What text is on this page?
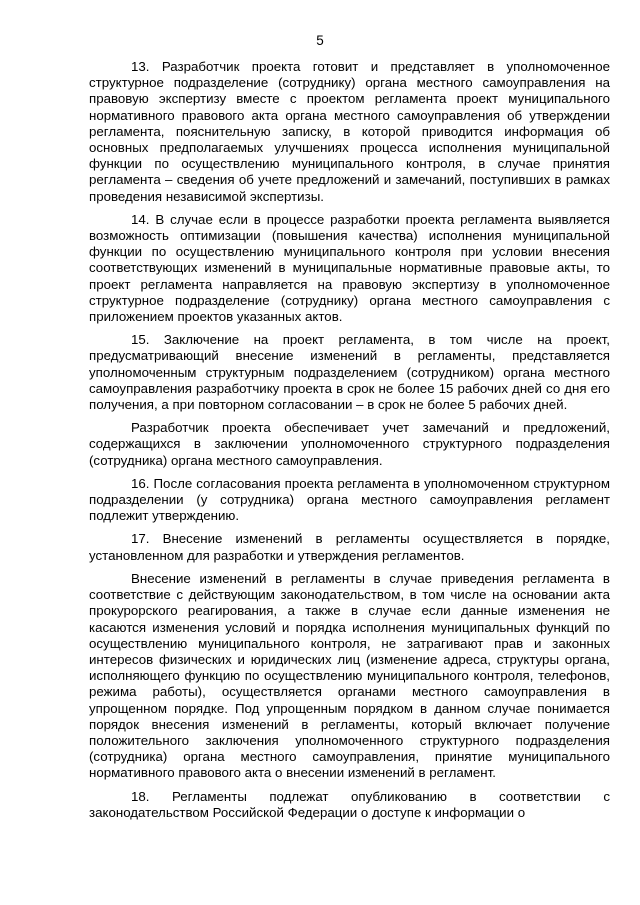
5

13. Разработчик проекта готовит и представляет в уполномоченное структурное подразделение (сотруднику) органа местного самоуправления на правовую экспертизу вместе с проектом регламента проект муниципального нормативного правового акта органа местного самоуправления об утверждении регламента, пояснительную записку, в которой приводится информация об основных предполагаемых улучшениях процесса исполнения муниципальной функции по осуществлению муниципального контроля, в случае принятия регламента – сведения об учете предложений и замечаний, поступивших в рамках проведения независимой экспертизы.

14. В случае если в процессе разработки проекта регламента выявляется возможность оптимизации (повышения качества) исполнения муниципальной функции по осуществлению муниципального контроля при условии внесения соответствующих изменений в муниципальные нормативные правовые акты, то проект регламента направляется на правовую экспертизу в уполномоченное структурное подразделение (сотруднику) органа местного самоуправления с приложением проектов указанных актов.

15. Заключение на проект регламента, в том числе на проект, предусматривающий внесение изменений в регламенты, представляется уполномоченным структурным подразделением (сотрудником) органа местного самоуправления разработчику проекта в срок не более 15 рабочих дней со дня его получения, а при повторном согласовании – в срок не более 5 рабочих дней.

Разработчик проекта обеспечивает учет замечаний и предложений, содержащихся в заключении уполномоченного структурного подразделения (сотрудника) органа местного самоуправления.

16. После согласования проекта регламента в уполномоченном структурном подразделении (у сотрудника) органа местного самоуправления регламент подлежит утверждению.

17. Внесение изменений в регламенты осуществляется в порядке, установленном для разработки и утверждения регламентов.

Внесение изменений в регламенты в случае приведения регламента в соответствие с действующим законодательством, в том числе на основании акта прокурорского реагирования, а также в случае если данные изменения не касаются изменения условий и порядка исполнения муниципальных функций по осуществлению муниципального контроля, не затрагивают прав и законных интересов физических и юридических лиц (изменение адреса, структуры органа, исполняющего функцию по осуществлению муниципального контроля, телефонов, режима работы), осуществляется органами местного самоуправления в упрощенном порядке. Под упрощенным порядком в данном случае понимается порядок внесения изменений в регламенты, который включает получение положительного заключения уполномоченного структурного подразделения (сотрудника) органа местного самоуправления, принятие муниципального нормативного правового акта о внесении изменений в регламент.

18. Регламенты подлежат опубликованию в соответствии с законодательством Российской Федерации о доступе к информации о
